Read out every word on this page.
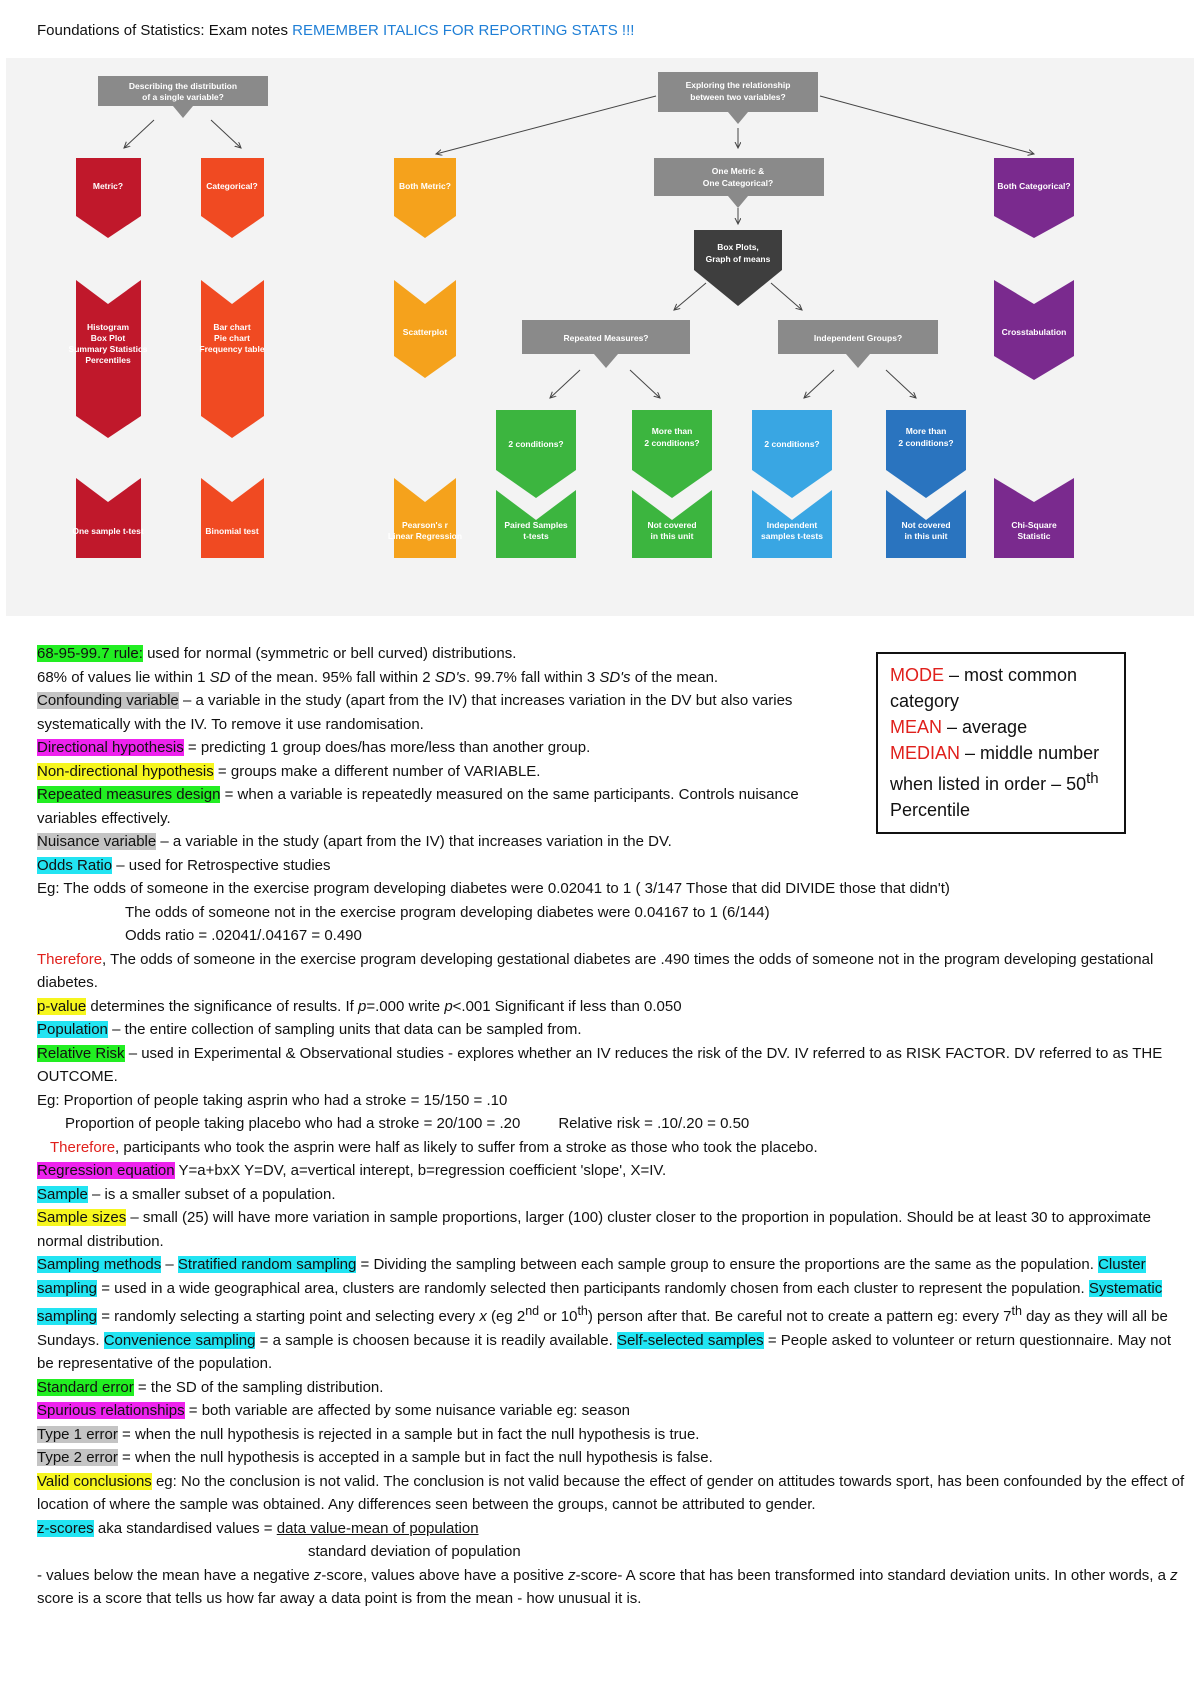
Foundations of Statistics: Exam notes REMEMBER ITALICS FOR REPORTING STATS !!!
Describing the distribution
of a single variable?
Exploring the relationship
between two variables?
Metric?
Histogram
Box Plot
Summary Statistics
Percentiles
One sample t-test
Categorical?
Bar chart
Pie chart
Frequency table
Binomial test
Both Metric?
Scatterplot
Pearson's r
Linear Regression
One Metric &
One Categorical?
Box Plots,
Graph of means
Repeated Measures?	Independent Groups?
2 conditions?
Paired Samples
t-tests
More than
2 conditions?
Not covered
in this unit
2 conditions?
Independent
samples t-tests
More than
2 conditions?
Not covered
in this unit
Both Categorical?
Crosstabulation
Chi-Square
Statistic
MODE – most common category
MEAN – average
MEDIAN – middle number when listed in order – 50th Percentile

68-95-99.7 rule: used for normal (symmetric or bell curved) distributions.

68% of values lie within 1 SD of the mean. 95% fall within 2 SD's. 99.7% fall within 3 SD's of the mean.

Confounding variable – a variable in the study (apart from the IV) that increases variation in the DV but also varies systematically with the IV. To remove it use randomisation.

Directional hypothesis = predicting 1 group does/has more/less than another group.

Non-directional hypothesis = groups make a different number of VARIABLE.

Repeated measures design = when a variable is repeatedly measured on the same participants. Controls nuisance variables effectively.

Nuisance variable – a variable in the study (apart from the IV) that increases variation in the DV.

Odds Ratio – used for Retrospective studies

Eg: The odds of someone in the exercise program developing diabetes were 0.02041 to 1 ( 3/147 Those that did DIVIDE those that didn't)

The odds of someone not in the exercise program developing diabetes were 0.04167 to 1 (6/144)

Odds ratio = .02041/.04167 = 0.490

Therefore, The odds of someone in the exercise program developing gestational diabetes are .490 times the odds of someone not in the program developing gestational diabetes.

p-value determines the significance of results. If p=.000 write p<.001 Significant if less than 0.050

Population – the entire collection of sampling units that data can be sampled from.

Relative Risk – used in Experimental & Observational studies - explores whether an IV reduces the risk of the DV. IV referred to as RISK FACTOR. DV referred to as THE OUTCOME.

Eg: Proportion of people taking asprin who had a stroke = 15/150 = .10

Proportion of people taking placebo who had a stroke = 20/100 = .20	Relative risk = .10/.20 = 0.50

Therefore, participants who took the asprin were half as likely to suffer from a stroke as those who took the placebo.

Regression equation Y=a+bxX Y=DV, a=vertical interept, b=regression coefficient 'slope', X=IV.

Sample – is a smaller subset of a population.

Sample sizes – small (25) will have more variation in sample proportions, larger (100) cluster closer to the proportion in population. Should be at least 30 to approximate normal distribution.

Sampling methods – Stratified random sampling = Dividing the sampling between each sample group to ensure the proportions are the same as the population. Cluster sampling = used in a wide geographical area, clusters are randomly selected then participants randomly chosen from each cluster to represent the population. Systematic sampling = randomly selecting a starting point and selecting every x (eg 2nd or 10th) person after that. Be careful not to create a pattern eg: every 7th day as they will all be Sundays. Convenience sampling = a sample is choosen because it is readily available. Self-selected samples = People asked to volunteer or return questionnaire. May not be representative of the population.

Standard error = the SD of the sampling distribution.

Spurious relationships = both variable are affected by some nuisance variable eg: season

Type 1 error = when the null hypothesis is rejected in a sample but in fact the null hypothesis is true.

Type 2 error = when the null hypothesis is accepted in a sample but in fact the null hypothesis is false.

Valid conclusions eg: No the conclusion is not valid. The conclusion is not valid because the effect of gender on attitudes towards sport, has been confounded by the effect of location of where the sample was obtained. Any differences seen between the groups, cannot be attributed to gender.

z-scores aka standardised values = data value-mean of population

standard deviation of population

- values below the mean have a negative z-score, values above have a positive z-score- A score that has been transformed into standard deviation units. In other words, a z score is a score that tells us how far away a data point is from the mean - how unusual it is.
